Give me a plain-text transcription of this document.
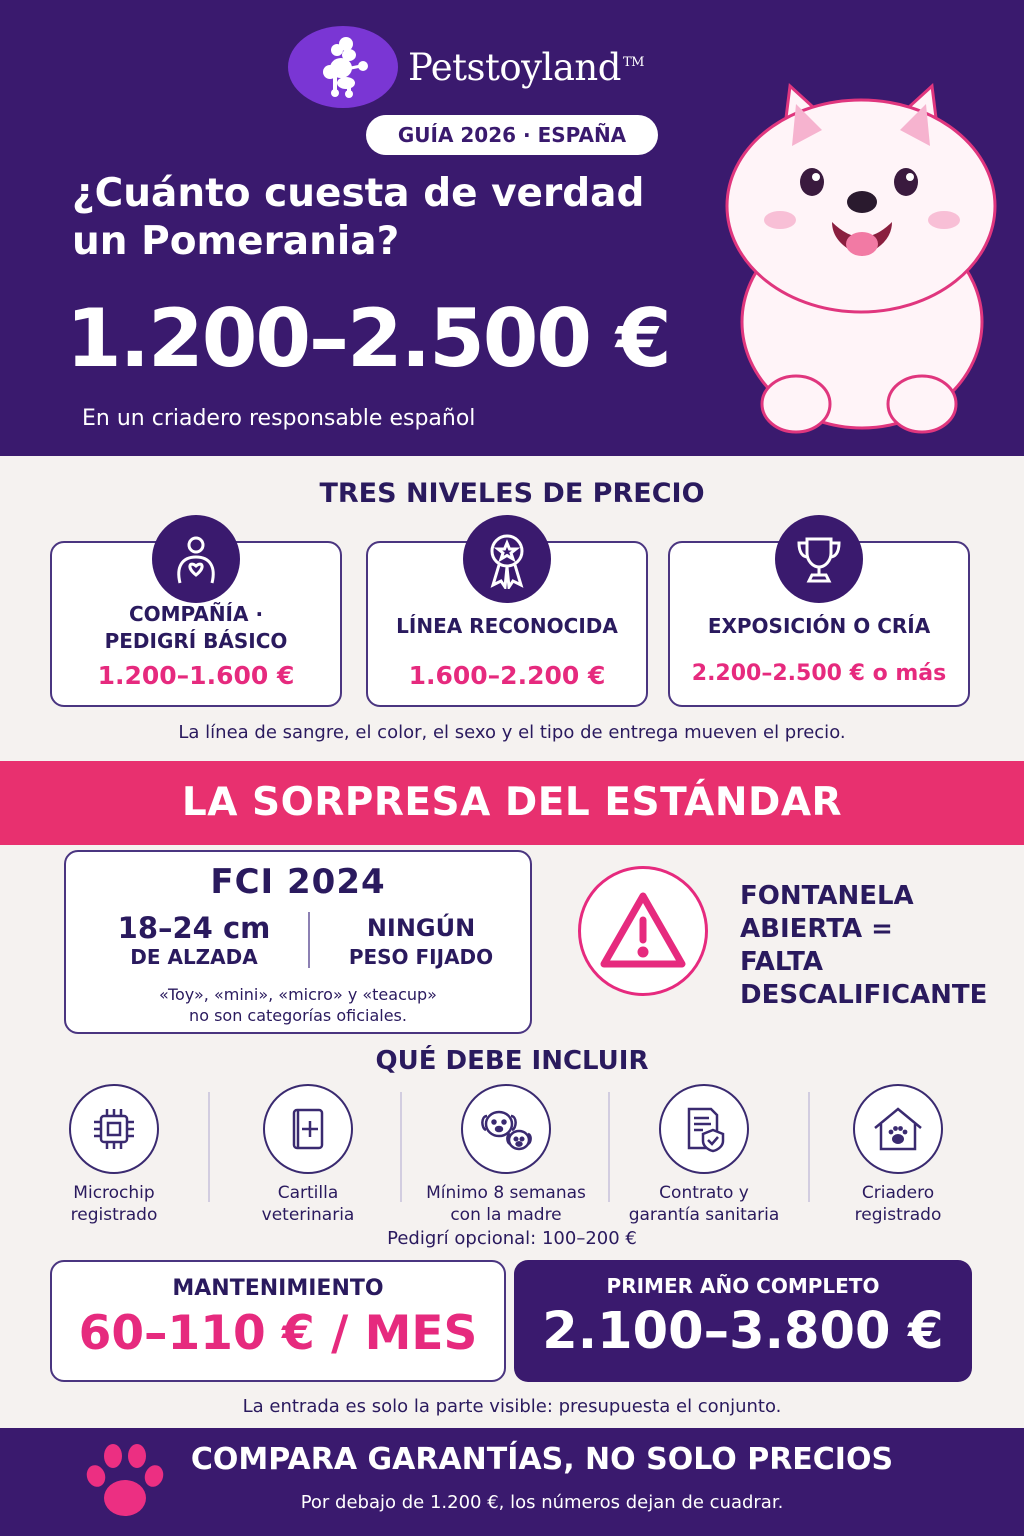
Petstoyland ™
GUÍA 2026 · ESPAÑA
¿Cuánto cuesta de verdad
un Pomerania?
1.200–2.500 €
En un criadero responsable español
TRES NIVELES DE PRECIO
COMPAÑÍA ·
PEDIGRÍ BÁSICO
1.200–1.600 €
LÍNEA RECONOCIDA
1.600–2.200 €
EXPOSICIÓN O CRÍA
2.200–2.500 € o más
La línea de sangre, el color, el sexo y el tipo de entrega mueven el precio.
LA SORPRESA DEL ESTÁNDAR
FCI 2024
18–24 cm
DE ALZADA
NINGÚN
PESO FIJADO
«Toy», «mini», «micro» y «teacup»
no son categorías oficiales.
FONTANELA
ABIERTA =
FALTA
DESCALIFICANTE
QUÉ DEBE INCLUIR
Microchip
registrado
Cartilla
veterinaria
Mínimo 8 semanas
con la madre
Contrato y
garantía sanitaria
Criadero
registrado
Pedigrí opcional: 100–200 €
MANTENIMIENTO
60–110 € / MES
PRIMER AÑO COMPLETO
2.100–3.800 €
La entrada es solo la parte visible: presupuesta el conjunto.
COMPARA GARANTÍAS, NO SOLO PRECIOS
Por debajo de 1.200 €, los números dejan de cuadrar.
